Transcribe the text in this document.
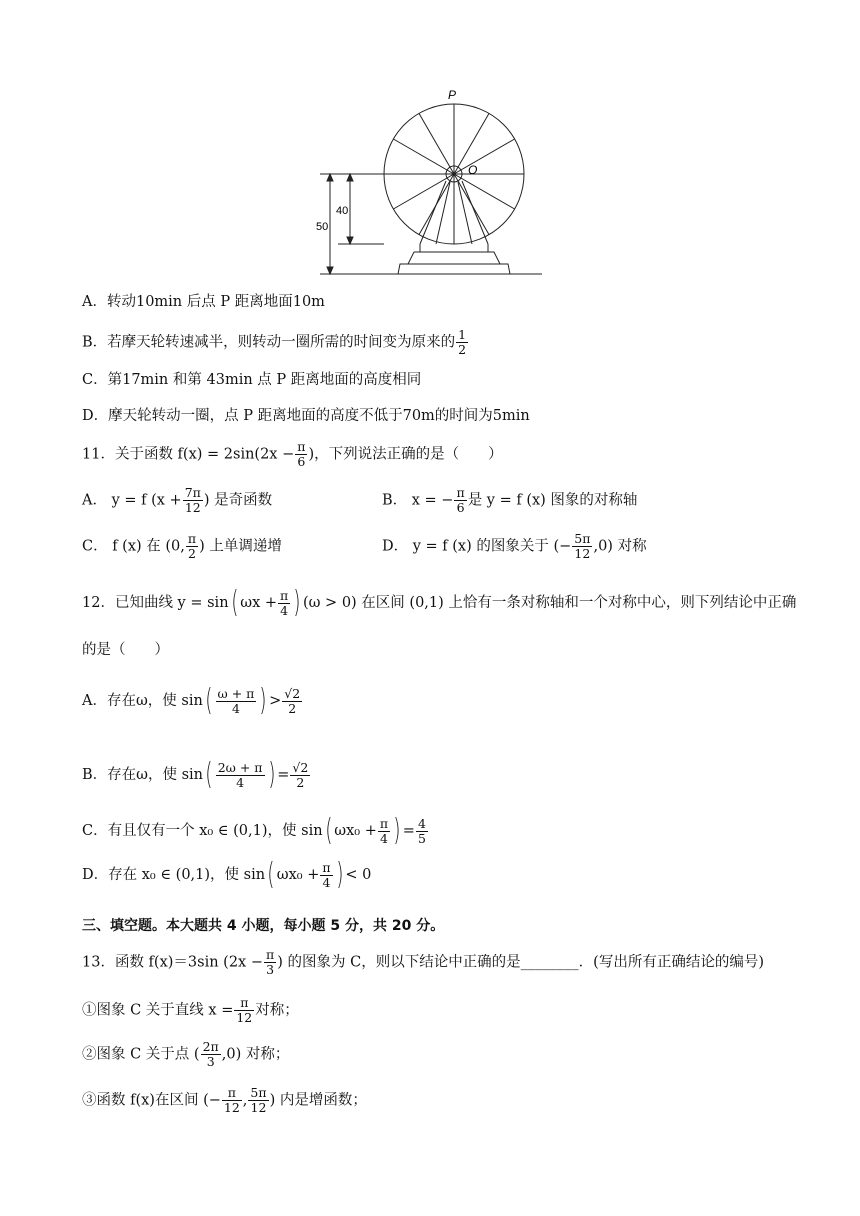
P
O
50
40
A．转动10min 后点 P 距离地面10m
B．若摩天轮转速减半，则转动一圈所需的时间变为原来的 $\frac{1}{2}$
C．第17min 和第 43min 点 P 距离地面的高度相同
D．摩天轮转动一圈，点 P 距离地面的高度不低于70m的时间为5min
11．关于函数 $f(x) = 2\sin(2x - \frac{\pi}{6}$ )，下列说法正确的是（　　）
A． y = f ($x + \frac{7\pi}{12}$ ) 是奇函数	B． x = − $\frac{\pi}{6}$ 是 y = f (x) 图象的对称轴
C． f (x) 在 (0, $\frac{\pi}{2}$ ) 上单调递增	D． y = f (x) 的图象关于 (− $\frac{5\pi}{12} ,0$) 对称
12．已知曲线 y = sin( $\omega x + \frac{\pi}{4}$ ) (ω > 0) 在区间 (0,1) 上恰有一条对称轴和一个对称中心，则下列结论中正确
的是（　　）
A．存在ω，使 $\sin( \frac{\omega + \pi}{4}$ ) > $\frac{√2}{2}$
B．存在ω，使 $\sin( \frac{2\omega + \pi}{4}$ ) = $\frac{√2}{2}$
C．有且仅有一个 x₀ ∈ (0,1)，使 sin( $\omega x_0 + \frac{\pi}{4}$ ) = $\frac{4}{5}$
D．存在 x₀ ∈ (0,1)，使 sin( $\omega x_0 + \frac{\pi}{4}$ ) < 0
三、填空题。本大题共 4 小题，每小题 5 分，共 20 分。
13．函数 f(x)＝3sin ($2x - \frac{\pi}{3}$ ) 的图象为 C，则以下结论中正确的是________．(写出所有正确结论的编号)
①图象 C 关于直线 $x = \frac{\pi}{12}$ 对称；
②图象 C 关于点 ( $\frac{2\pi}{3} ,0$) 对称；
③函数 f(x)在区间 (− $\frac{\pi}{12}$ , $\frac{5\pi}{12}$ ) 内是增函数；
